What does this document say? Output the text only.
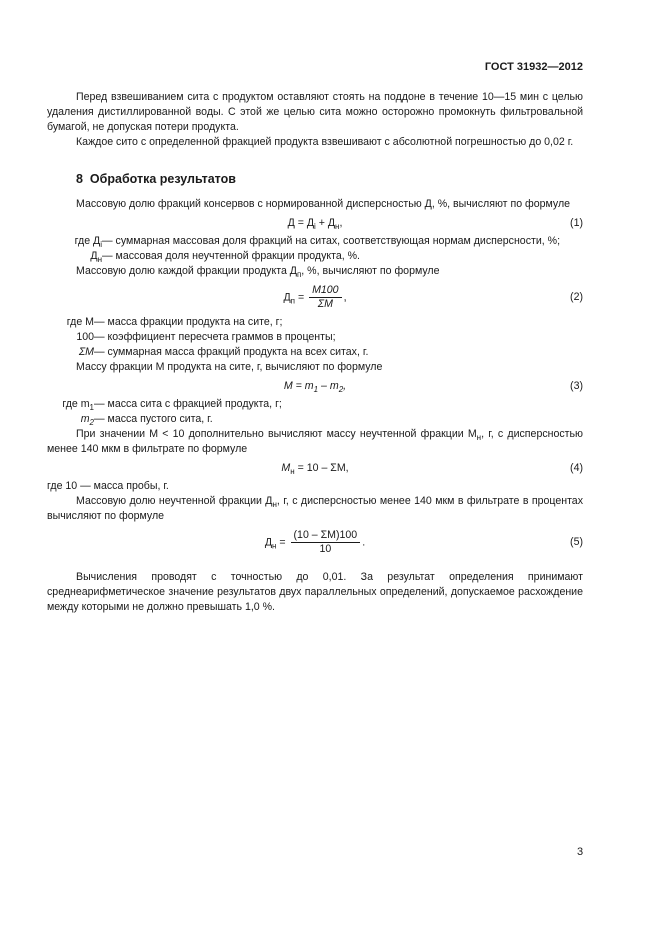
ГОСТ 31932—2012

Перед взвешиванием сита с продуктом оставляют стоять на поддоне в течение 10—15 мин с целью удаления дистиллированной воды. С этой же целью сита можно осторожно промокнуть фильтровальной бумагой, не допуская потери продукта.

Каждое сито с определенной фракцией продукта взвешивают с абсолютной погрешностью до 0,02 г.

8 Обработка результатов

Массовую долю фракций консервов с нормированной дисперсностью Д, %, вычисляют по формуле

$Д = Д_i + Д_н$,	(1)
где $Д_i$ — суммарная массовая доля фракций на ситах, соответствующая нормам дисперсности, %;
$Д_н$ — массовая доля неучтенной фракции продукта, %.

Массовую долю каждой фракции продукта $Д_п$, %, вычисляют по формуле

$Д_п = \frac{M100}{\Sigma M}$ ,	(2)
где M — масса фракции продукта на сите, г;
100 — коэффициент пересчета граммов в проценты;
ΣM — суммарная масса фракций продукта на всех ситах, г.

Массу фракции M продукта на сите, г, вычисляют по формуле

$M = m_1 - m_2$,	(3)
где $m_1$ — масса сита с фракцией продукта, г;
$m_2$ — масса пустого сита, г.

При значении M < 10 дополнительно вычисляют массу неучтенной фракции $M_н$, г, с дисперсностью менее 140 мкм в фильтрате по формуле

$M_н = 10 - \Sigma M$,	(4)

где 10 — масса пробы, г.

Массовую долю неучтенной фракции $Д_н$, г, с дисперсностью менее 140 мкм в фильтрате в процентах вычисляют по формуле

$Д_н = \frac{(10 - \Sigma M)100}{10}$ .	(5)

Вычисления проводят с точностью до 0,01. За результат определения принимают среднеарифметическое значение результатов двух параллельных определений, допускаемое расхождение между которыми не должно превышать 1,0 %.

3
